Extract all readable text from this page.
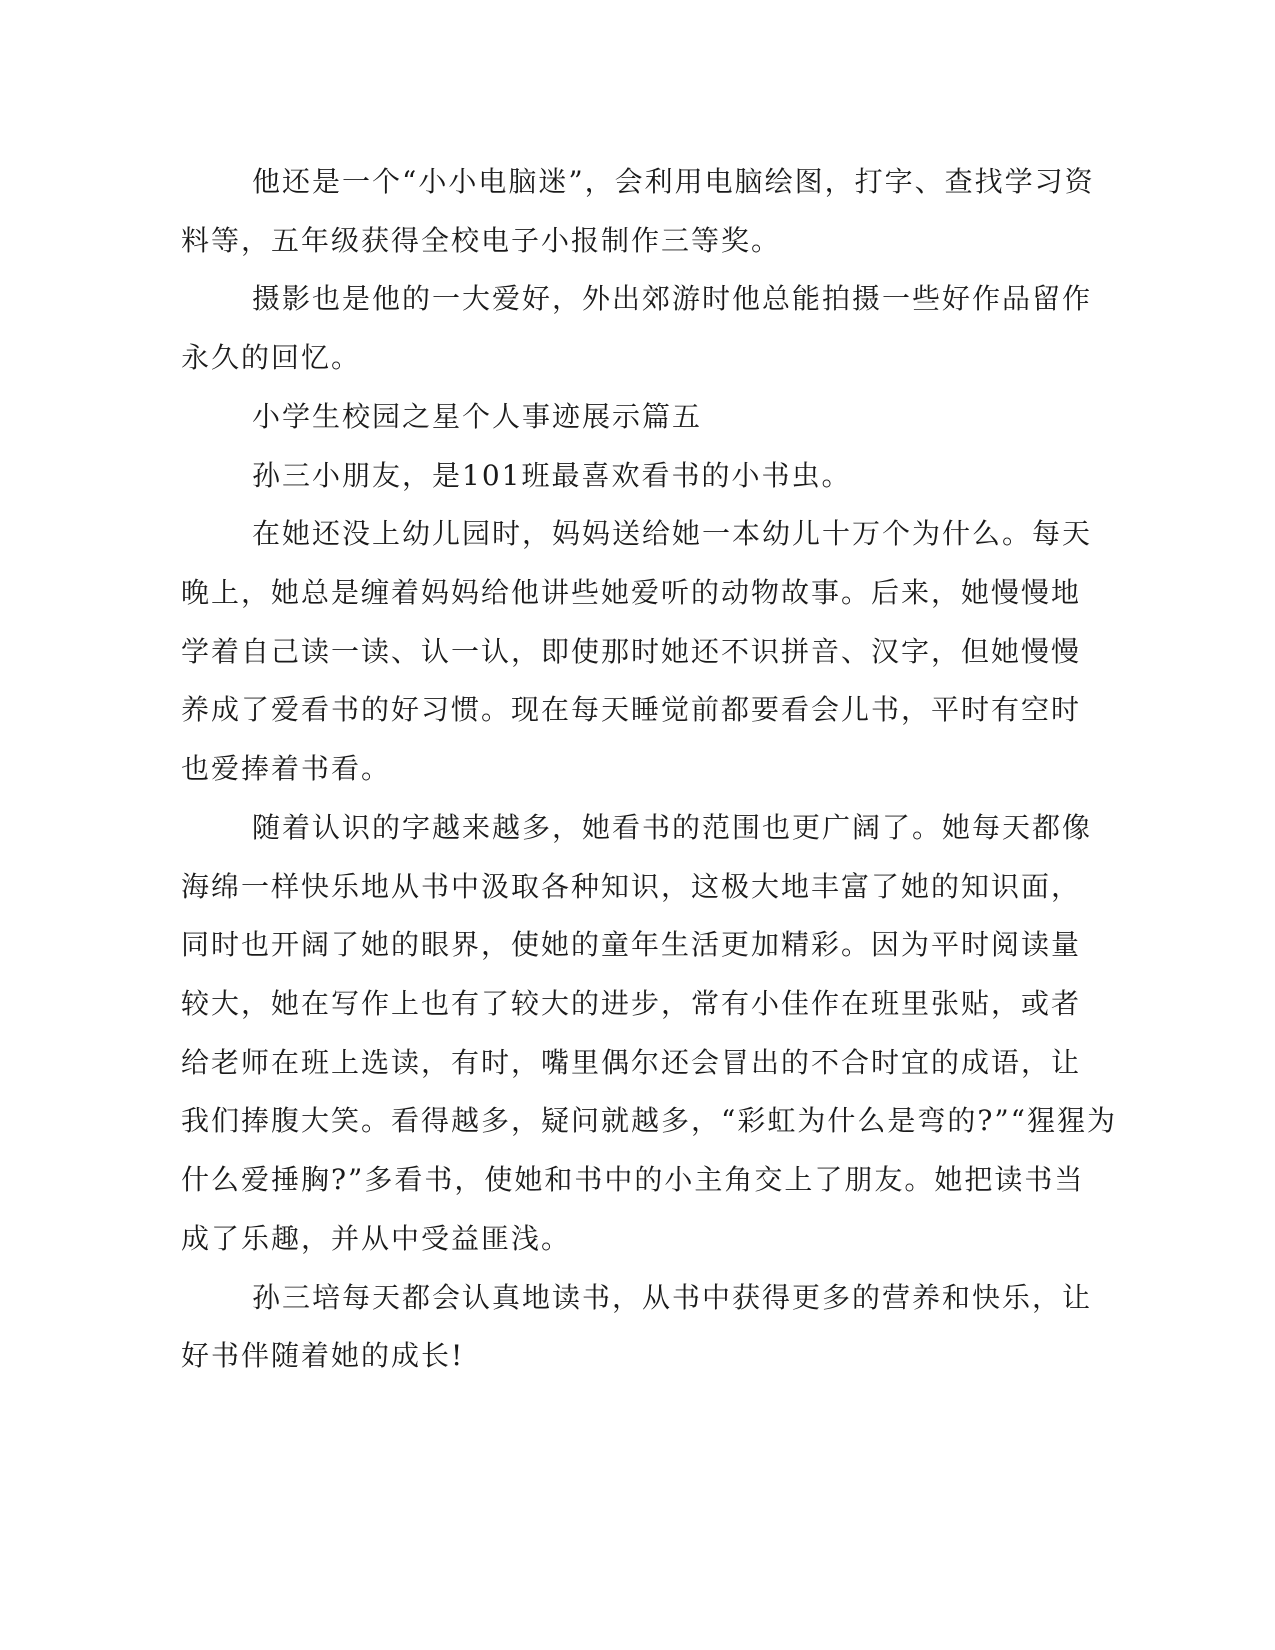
他还是一个“小小电脑迷”，会利用电脑绘图，打字、查找学习资
料等，五年级获得全校电子小报制作三等奖。
摄影也是他的一大爱好，外出郊游时他总能拍摄一些好作品留作
永久的回忆。
小学生校园之星个人事迹展示篇五
孙三小朋友，是101班最喜欢看书的小书虫。
在她还没上幼儿园时，妈妈送给她一本幼儿十万个为什么。每天
晚上，她总是缠着妈妈给他讲些她爱听的动物故事。后来，她慢慢地
学着自己读一读、认一认，即使那时她还不识拼音、汉字，但她慢慢
养成了爱看书的好习惯。现在每天睡觉前都要看会儿书，平时有空时
也爱捧着书看。
随着认识的字越来越多，她看书的范围也更广阔了。她每天都像
海绵一样快乐地从书中汲取各种知识，这极大地丰富了她的知识面，
同时也开阔了她的眼界，使她的童年生活更加精彩。因为平时阅读量
较大，她在写作上也有了较大的进步，常有小佳作在班里张贴，或者
给老师在班上选读，有时，嘴里偶尔还会冒出的不合时宜的成语，让
我们捧腹大笑。看得越多，疑问就越多，“彩虹为什么是弯的?”“猩猩为
什么爱捶胸?”多看书，使她和书中的小主角交上了朋友。她把读书当
成了乐趣，并从中受益匪浅。
孙三培每天都会认真地读书，从书中获得更多的营养和快乐，让
好书伴随着她的成长!
